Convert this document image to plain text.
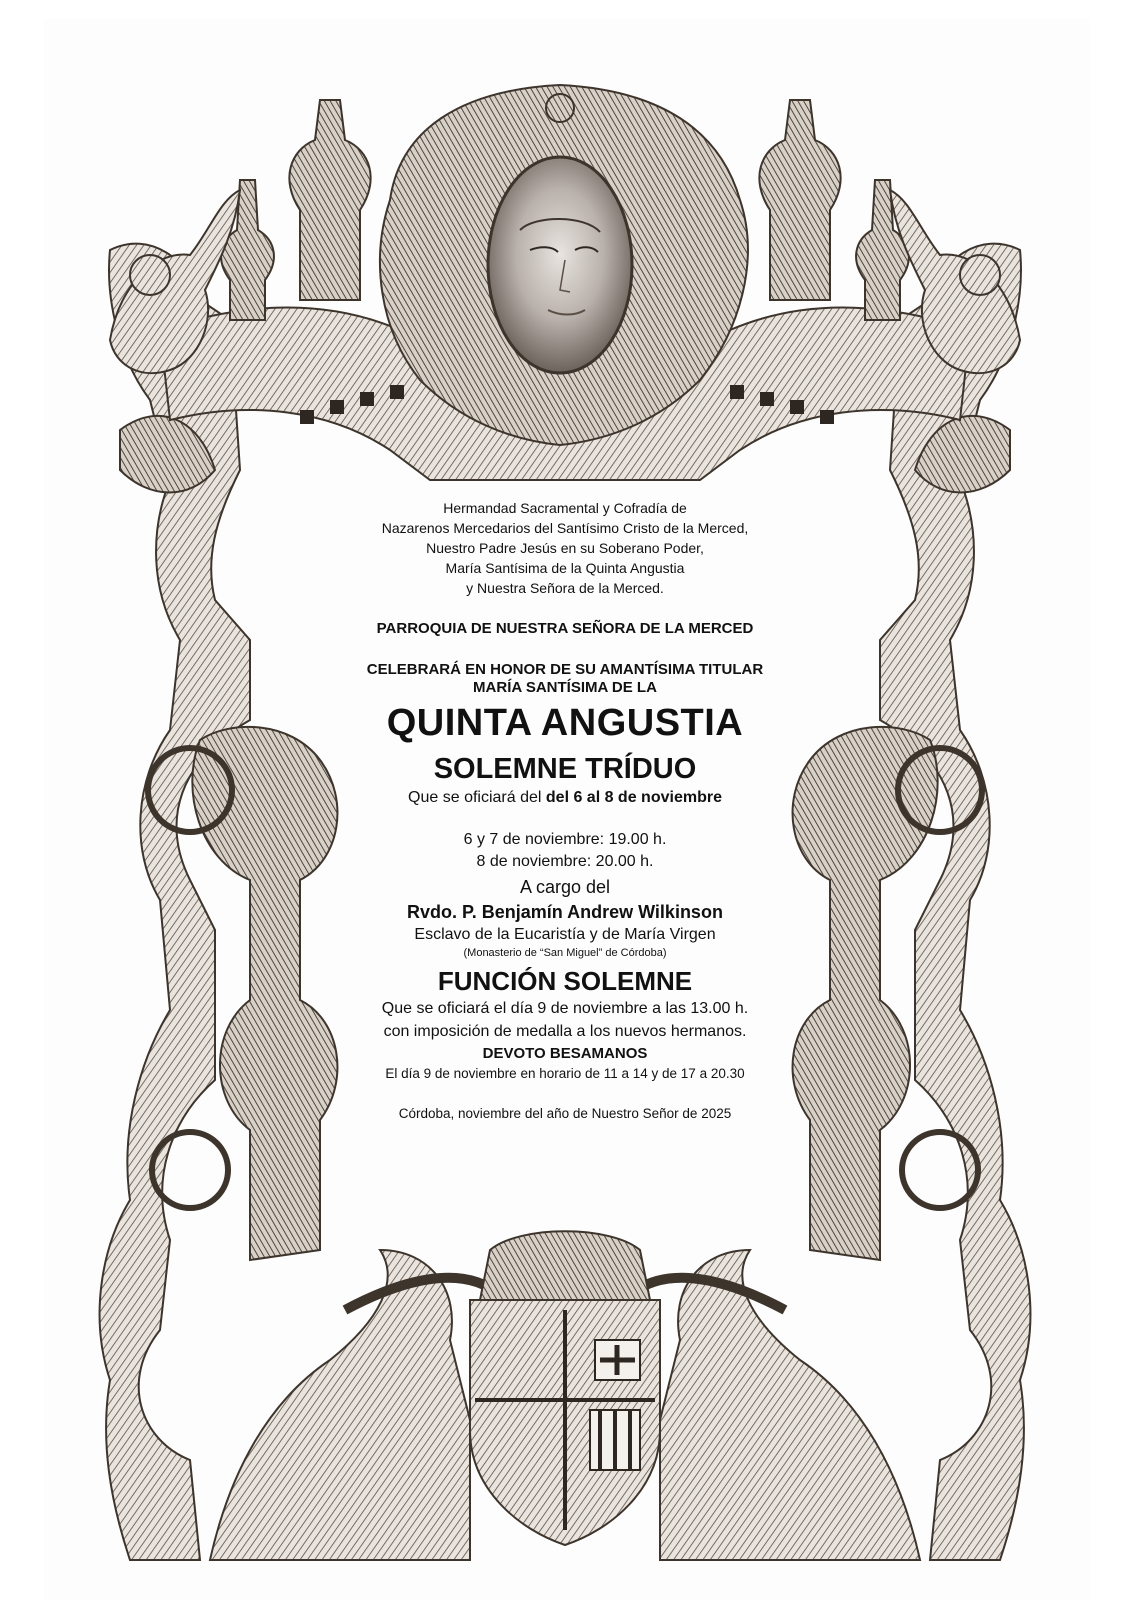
Hermandad Sacramental y Cofradía de
Nazarenos Mercedarios del Santísimo Cristo de la Merced,
Nuestro Padre Jesús en su Soberano Poder,
María Santísima de la Quinta Angustia
y Nuestra Señora de la Merced.
PARROQUIA DE NUESTRA SEÑORA DE LA MERCED
CELEBRARÁ EN HONOR DE SU AMANTÍSIMA TITULAR
MARÍA SANTÍSIMA DE LA
QUINTA ANGUSTIA
SOLEMNE TRÍDUO
Que se oficiará del del 6 al 8 de noviembre
6 y 7 de noviembre: 19.00 h.
8 de noviembre: 20.00 h.
A cargo del
Rvdo. P. Benjamín Andrew Wilkinson
Esclavo de la Eucaristía y de María Virgen
(Monasterio de “San Miguel” de Córdoba)
FUNCIÓN SOLEMNE
Que se oficiará el día 9 de noviembre a las 13.00 h.
con imposición de medalla a los nuevos hermanos.
DEVOTO BESAMANOS
El día 9 de noviembre en horario de 11 a 14 y de 17 a 20.30
Córdoba, noviembre del año de Nuestro Señor de 2025
